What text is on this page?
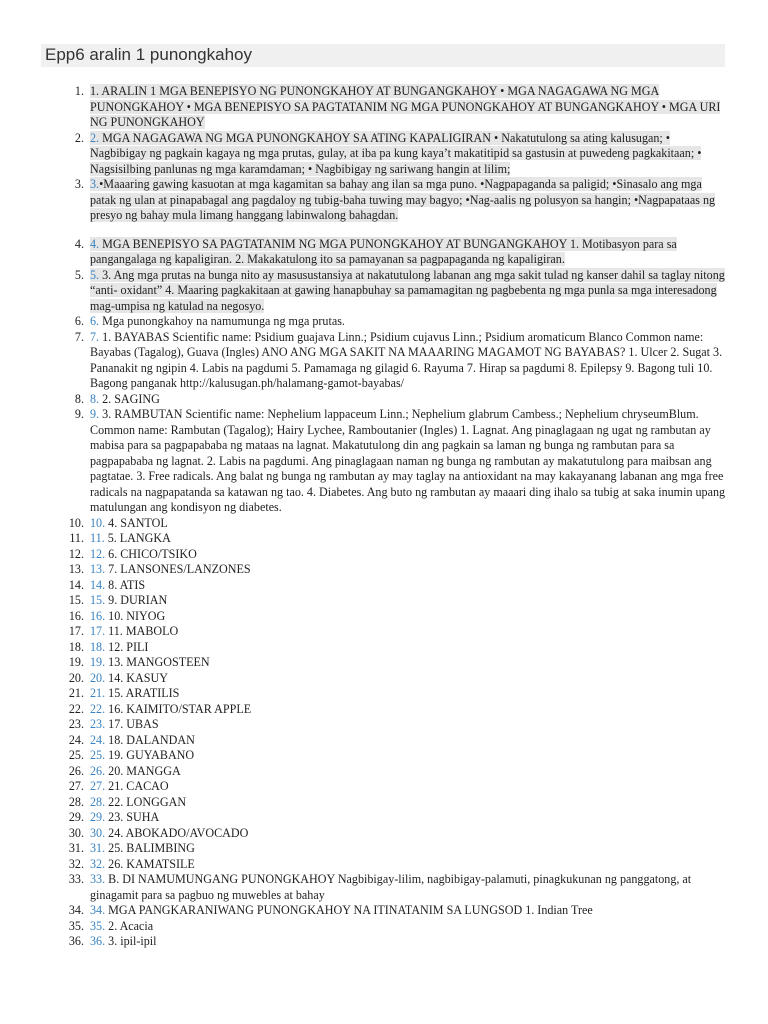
Epp6 aralin 1 punongkahoy
1. 1. ARALIN 1 MGA BENEPISYO NG PUNONGKAHOY AT BUNGANGKAHOY • MGA NAGAGAWA NG MGA PUNONGKAHOY • MGA BENEPISYO SA PAGTATANIM NG MGA PUNONGKAHOY AT BUNGANGKAHOY • MGA URI NG PUNONGKAHOY
2. 2. MGA NAGAGAWA NG MGA PUNONGKAHOY SA ATING KAPALIGIRAN • Nakatutulong sa ating kalusugan; • Nagbibigay ng pagkain kagaya ng mga prutas, gulay, at iba pa kung kaya’t makatitipid sa gastusin at puwedeng pagkakitaan; • Nagsisilbing panlunas ng mga karamdaman; • Nagbibigay ng sariwang hangin at lilim;
3. 3.•Maaaring gawing kasuotan at mga kagamitan sa bahay ang ilan sa mga puno. •Nagpapaganda sa paligid; •Sinasalo ang mga patak ng ulan at pinapabagal ang pagdaloy ng tubig-baha tuwing may bagyo; •Nag-aalis ng polusyon sa hangin; •Nagpapataas ng presyo ng bahay mula limang hanggang labinwalong bahagdan.
4. 4. MGA BENEPISYO SA PAGTATANIM NG MGA PUNONGKAHOY AT BUNGANGKAHOY 1. Motibasyon para sa pangangalaga ng kapaligiran. 2. Makakatulong ito sa pamayanan sa pagpapaganda ng kapaligiran.
5. 5. 3. Ang mga prutas na bunga nito ay masusustansiya at nakatutulong labanan ang mga sakit tulad ng kanser dahil sa taglay nitong “anti- oxidant” 4. Maaring pagkakitaan at gawing hanapbuhay sa pamamagitan ng pagbebenta ng mga punla sa mga interesadong mag-umpisa ng katulad na negosyo.
6. 6. Mga punongkahoy na namumunga ng mga prutas.
7. 7. 1. BAYABAS Scientific name: Psidium guajava Linn.; Psidium cujavus Linn.; Psidium aromaticum Blanco Common name: Bayabas (Tagalog), Guava (Ingles) ANO ANG MGA SAKIT NA MAAARING MAGAMOT NG BAYABAS? 1. Ulcer 2. Sugat 3. Pananakit ng ngipin 4. Labis na pagdumi 5. Pamamaga ng gilagid 6. Rayuma 7. Hirap sa pagdumi 8. Epilepsy 9. Bagong tuli 10. Bagong panganak http://kalusugan.ph/halamang-gamot-bayabas/
8. 8. 2. SAGING
9. 9. 3. RAMBUTAN Scientific name: Nephelium lappaceum Linn.; Nephelium glabrum Cambess.; Nephelium chryseumBlum. Common name: Rambutan (Tagalog); Hairy Lychee, Ramboutanier (Ingles) 1. Lagnat. Ang pinaglagaan ng ugat ng rambutan ay mabisa para sa pagpapababa ng mataas na lagnat. Makatutulong din ang pagkain sa laman ng bunga ng rambutan para sa pagpapababa ng lagnat. 2. Labis na pagdumi. Ang pinaglagaan naman ng bunga ng rambutan ay makatutulong para maibsan ang pagtatae. 3. Free radicals. Ang balat ng bunga ng rambutan ay may taglay na antioxidant na may kakayanang labanan ang mga free radicals na nagpapatanda sa katawan ng tao. 4. Diabetes. Ang buto ng rambutan ay maaari ding ihalo sa tubig at saka inumin upang matulungan ang kondisyon ng diabetes.
10. 10. 4. SANTOL
11. 11. 5. LANGKA
12. 12. 6. CHICO/TSIKO
13. 13. 7. LANSONES/LANZONES
14. 14. 8. ATIS
15. 15. 9. DURIAN
16. 16. 10. NIYOG
17. 17. 11. MABOLO
18. 18. 12. PILI
19. 19. 13. MANGOSTEEN
20. 20. 14. KASUY
21. 21. 15. ARATILIS
22. 22. 16. KAIMITO/STAR APPLE
23. 23. 17. UBAS
24. 24. 18. DALANDAN
25. 25. 19. GUYABANO
26. 26. 20. MANGGA
27. 27. 21. CACAO
28. 28. 22. LONGGAN
29. 29. 23. SUHA
30. 30. 24. ABOKADO/AVOCADO
31. 31. 25. BALIMBING
32. 32. 26. KAMATSILE
33. 33. B. DI NAMUMUNGANG PUNONGKAHOY Nagbibigay-lilim, nagbibigay-palamuti, pinagkukunan ng panggatong, at ginagamit para sa pagbuo ng muwebles at bahay
34. 34. MGA PANGKARANIWANG PUNONGKAHOY NA ITINATANIM SA LUNGSOD 1. Indian Tree
35. 35. 2. Acacia
36. 36. 3. ipil-ipil
